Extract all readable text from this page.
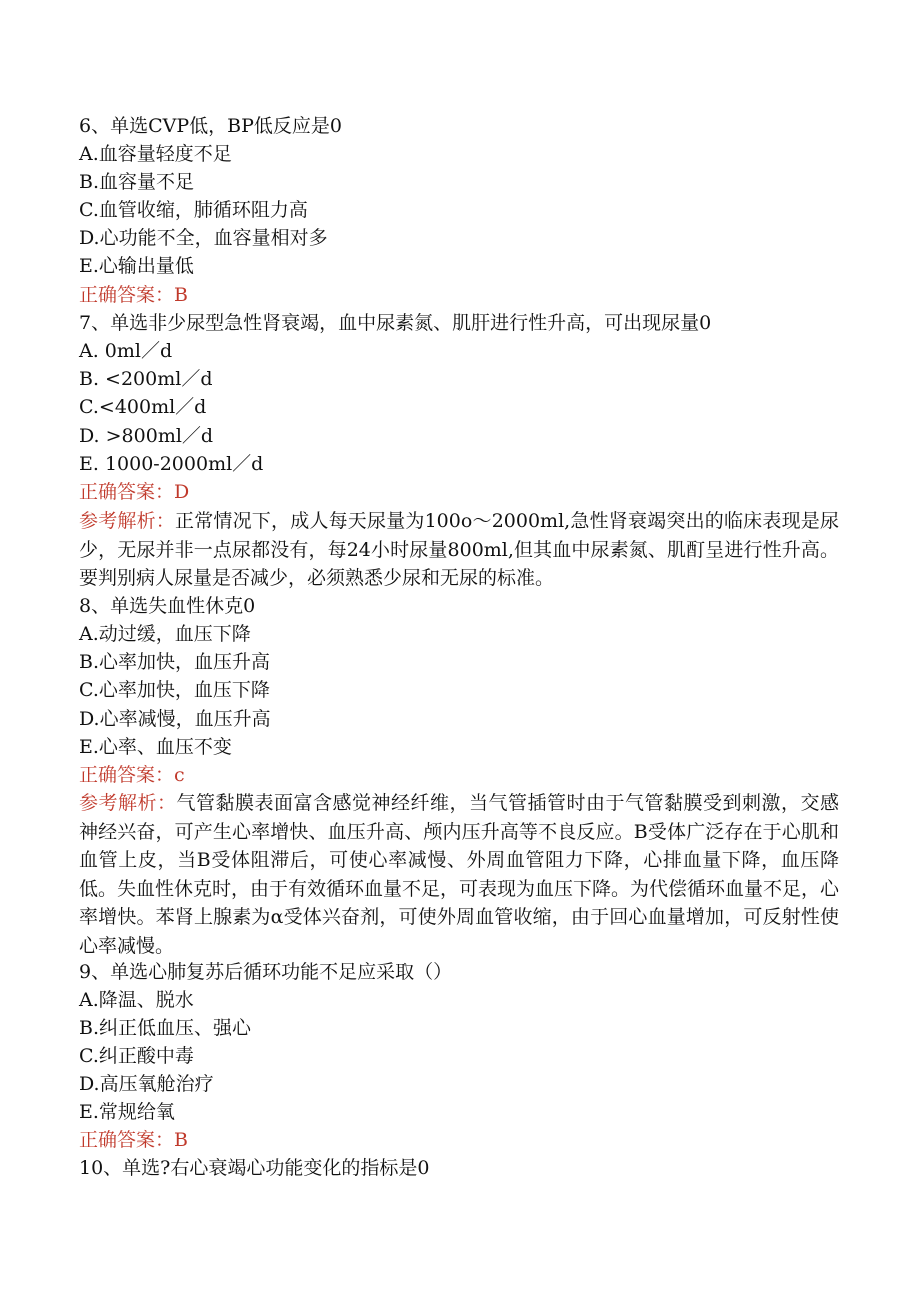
6、单选CVP低，BP低反应是0
A.血容量轻度不足
B.血容量不足
C.血管收缩，肺循环阻力高
D.心功能不全，血容量相对多
E.心输出量低
正确答案：B
7、单选非少尿型急性肾衰竭，血中尿素氮、肌肝进行性升高，可出现尿量0
A. 0ml／d
B. <200ml／d
C.<400ml／d
D. >800ml／d
E. 1000-2000ml／d
正确答案：D
参考解析：正常情况下，成人每天尿量为100o～2000ml,急性肾衰竭突出的临床表现是尿少，无尿并非一点尿都没有，每24小时尿量800ml,但其血中尿素氮、肌酊呈进行性升高。要判别病人尿量是否减少，必须熟悉少尿和无尿的标准。
8、单选失血性休克0
A.动过缓，血压下降
B.心率加快，血压升高
C.心率加快，血压下降
D.心率减慢，血压升高
E.心率、血压不变
正确答案：c
参考解析：气管黏膜表面富含感觉神经纤维，当气管插管时由于气管黏膜受到刺激，交感神经兴奋，可产生心率增快、血压升高、颅内压升高等不良反应。B受体广泛存在于心肌和血管上皮，当B受体阻滞后，可使心率减慢、外周血管阻力下降，心排血量下降，血压降低。失血性休克时，由于有效循环血量不足，可表现为血压下降。为代偿循环血量不足，心率增快。苯肾上腺素为α受体兴奋剂，可使外周血管收缩，由于回心血量增加，可反射性使心率减慢。
9、单选心肺复苏后循环功能不足应采取（）
A.降温、脱水
B.纠正低血压、强心
C.纠正酸中毒
D.高压氧舱治疗
E.常规给氧
正确答案：B
10、单选?右心衰竭心功能变化的指标是0
